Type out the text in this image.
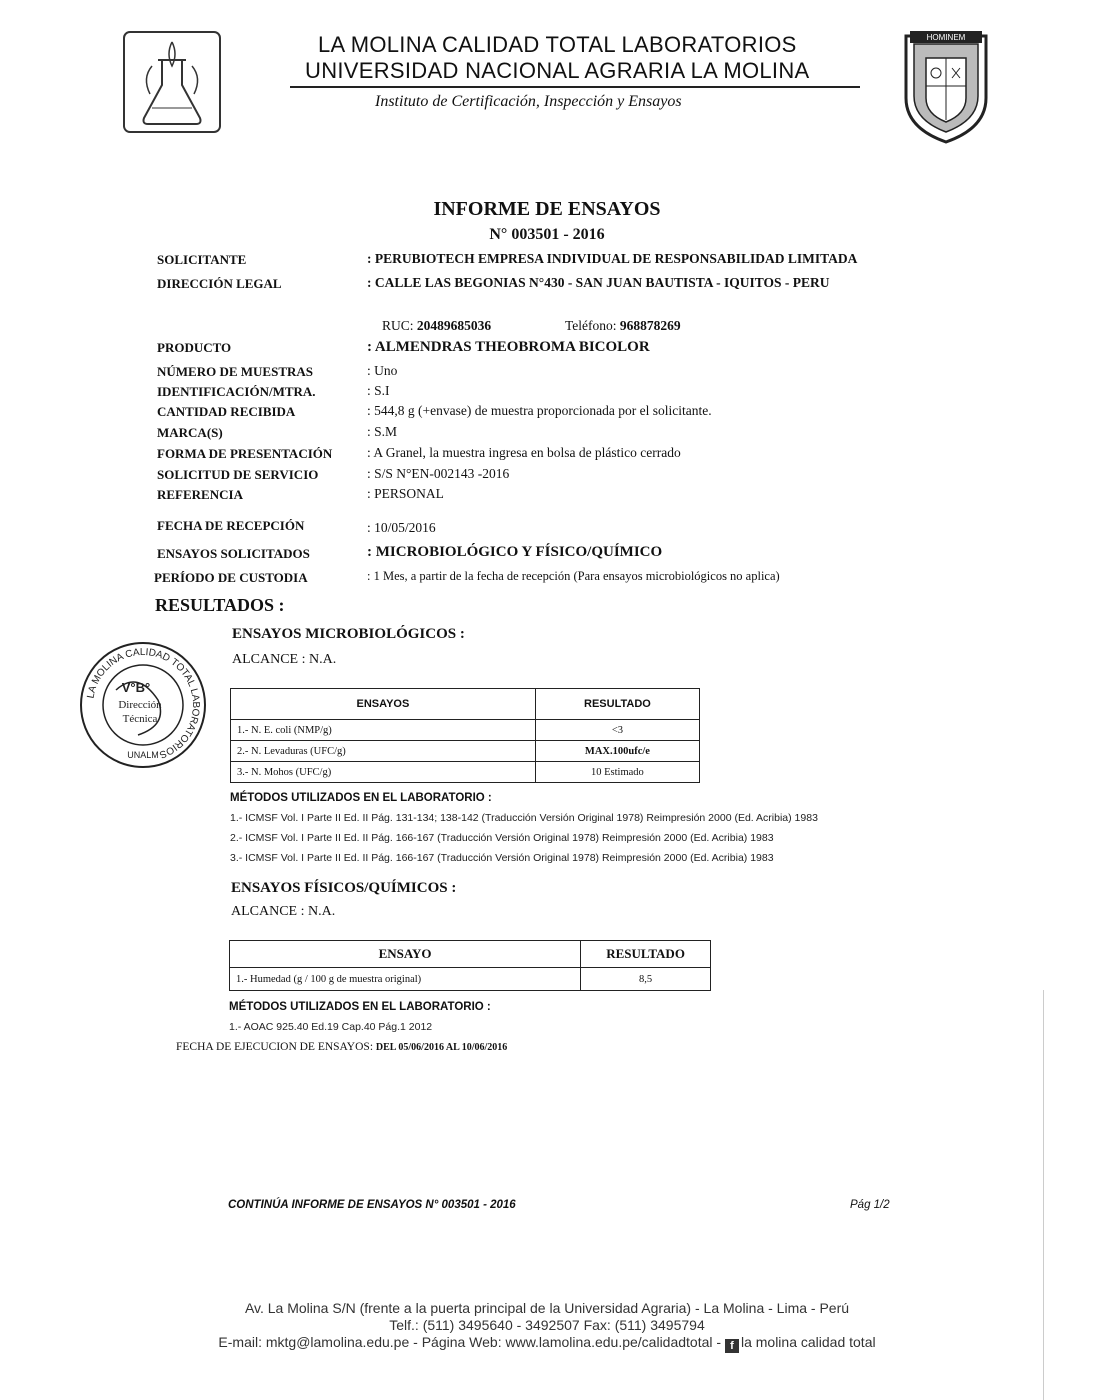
LA MOLINA CALIDAD TOTAL LABORATORIOS
UNIVERSIDAD NACIONAL AGRARIA LA MOLINA
Instituto de Certificación, Inspección y Ensayos
HOMINEM
INFORME DE ENSAYOS
N° 003501 - 2016
SOLICITANTE	: PERUBIOTECH EMPRESA INDIVIDUAL DE RESPONSABILIDAD LIMITADA
DIRECCIÓN LEGAL	: CALLE LAS BEGONIAS N°430 - SAN JUAN BAUTISTA - IQUITOS - PERU
RUC: 20489685036	Teléfono: 968878269
PRODUCTO	: ALMENDRAS THEOBROMA BICOLOR
NÚMERO DE MUESTRAS	: Uno
IDENTIFICACIÓN/MTRA.	: S.I
CANTIDAD RECIBIDA	: 544,8 g (+envase) de muestra proporcionada por el solicitante.
MARCA(S)	: S.M
FORMA DE PRESENTACIÓN	: A Granel, la muestra ingresa en bolsa de plástico cerrado
SOLICITUD DE SERVICIO	: S/S N°EN-002143 -2016
REFERENCIA	: PERSONAL
FECHA DE RECEPCIÓN	: 10/05/2016
ENSAYOS SOLICITADOS	: MICROBIOLÓGICO Y FÍSICO/QUÍMICO
PERÍODO DE CUSTODIA	: 1 Mes, a partir de la fecha de recepción (Para ensayos microbiológicos no aplica)
RESULTADOS :
ENSAYOS MICROBIOLÓGICOS :
ALCANCE : N.A.
LA MOLINA CALIDAD TOTAL LABORATORIOS
V°B°
Dirección
Técnica
UNALM
ENSAYOS	RESULTADO
1.- N. E. coli (NMP/g)	<3
2.- N. Levaduras (UFC/g)	MAX.100ufc/e
3.- N. Mohos (UFC/g)	10 Estimado
MÉTODOS UTILIZADOS EN EL LABORATORIO :
1.- ICMSF Vol. I Parte II Ed. II Pág. 131-134; 138-142 (Traducción Versión Original 1978) Reimpresión 2000 (Ed. Acribia) 1983
2.- ICMSF Vol. I Parte II Ed. II Pág. 166-167 (Traducción Versión Original 1978) Reimpresión 2000 (Ed. Acribia) 1983
3.- ICMSF Vol. I Parte II Ed. II Pág. 166-167 (Traducción Versión Original 1978) Reimpresión 2000 (Ed. Acribia) 1983
ENSAYOS FÍSICOS/QUÍMICOS :
ALCANCE : N.A.
ENSAYO	RESULTADO
1.- Humedad (g / 100 g de muestra original)	8,5
MÉTODOS UTILIZADOS EN EL LABORATORIO :
1.- AOAC 925.40 Ed.19 Cap.40 Pág.1 2012
FECHA DE EJECUCION DE ENSAYOS: DEL 05/06/2016 AL 10/06/2016
CONTINÚA INFORME DE ENSAYOS N° 003501 - 2016	Pág 1/2
Av. La Molina S/N (frente a la puerta principal de la Universidad Agraria) - La Molina - Lima - Perú
Telf.: (511) 3495640 - 3492507 Fax: (511) 3495794
E-mail: mktg@lamolina.edu.pe - Página Web: www.lamolina.edu.pe/calidadtotal - f la molina calidad total
